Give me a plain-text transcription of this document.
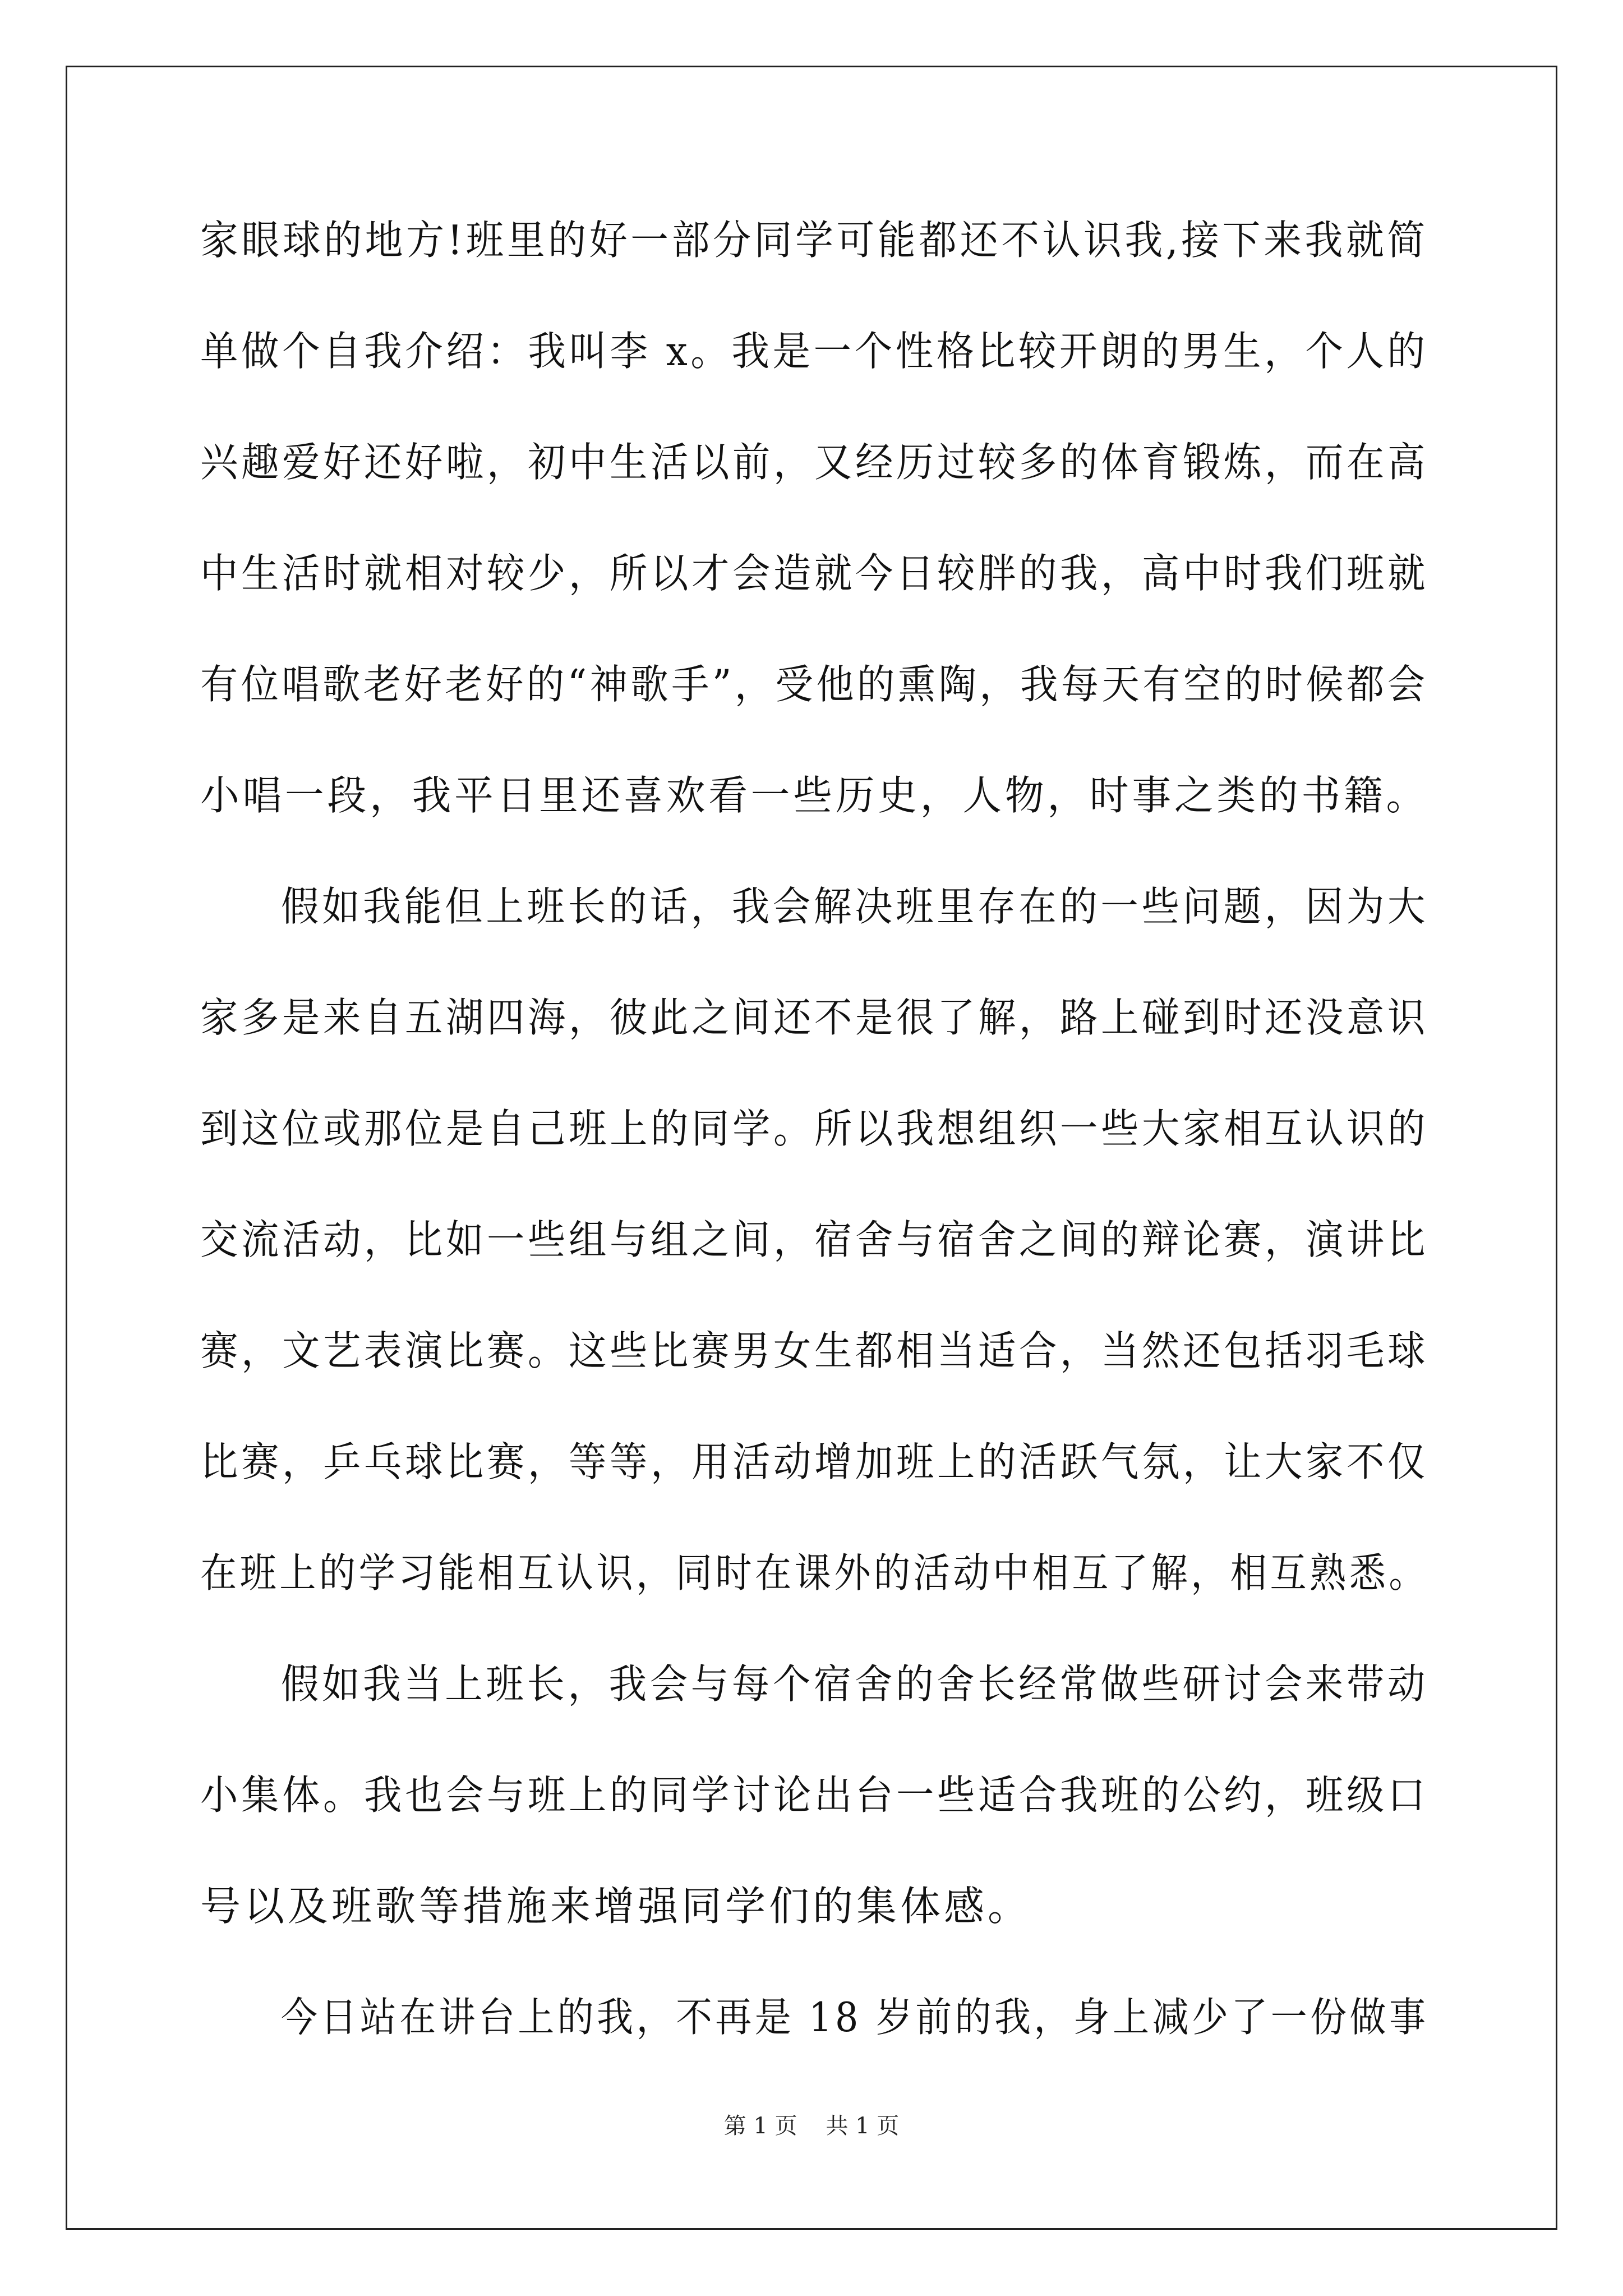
家眼球的地方!班里的好一部分同学可能都还不认识我,接下来我就简
单做个自我介绍：我叫李 x。我是一个性格比较开朗的男生，个人的
兴趣爱好还好啦，初中生活以前，又经历过较多的体育锻炼，而在高
中生活时就相对较少，所以才会造就今日较胖的我，高中时我们班就
有位唱歌老好老好的“神歌手”，受他的熏陶，我每天有空的时候都会
小唱一段，我平日里还喜欢看一些历史，人物，时事之类的书籍。
假如我能但上班长的话，我会解决班里存在的一些问题，因为大
家多是来自五湖四海，彼此之间还不是很了解，路上碰到时还没意识
到这位或那位是自己班上的同学。所以我想组织一些大家相互认识的
交流活动，比如一些组与组之间，宿舍与宿舍之间的辩论赛，演讲比
赛，文艺表演比赛。这些比赛男女生都相当适合，当然还包括羽毛球
比赛，乒乓球比赛，等等，用活动增加班上的活跃气氛，让大家不仅
在班上的学习能相互认识，同时在课外的活动中相互了解，相互熟悉。
假如我当上班长，我会与每个宿舍的舍长经常做些研讨会来带动
小集体。我也会与班上的同学讨论出台一些适合我班的公约，班级口
号以及班歌等措施来增强同学们的集体感。
今日站在讲台上的我，不再是 18 岁前的我，身上减少了一份做事
第 1 页    共 1 页
